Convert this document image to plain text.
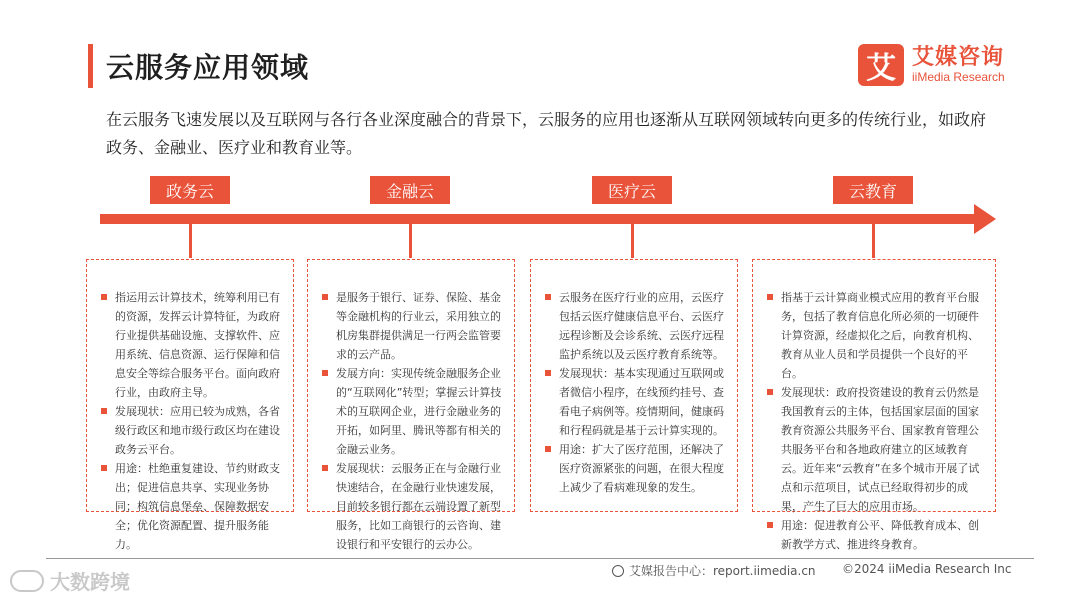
云服务应用领域	艾 艾媒咨询
iiMedia Research
在云服务飞速发展以及互联网与各行各业深度融合的背景下，云服务的应用也逐渐从互联网领域转向更多的传统行业，如政府政务、金融业、医疗业和教育业等。
政务云
指运用云计算技术，统筹利用已有的资源，发挥云计算特征，为政府行业提供基础设施、支撑软件、应用系统、信息资源、运行保障和信息安全等综合服务平台。面向政府行业，由政府主导。
发展现状：应用已较为成熟，各省级行政区和地市级行政区均在建设政务云平台。
用途：杜绝重复建设、节约财政支出；促进信息共享、实现业务协同；构筑信息堡垒、保障数据安全；优化资源配置、提升服务能力。
金融云
是服务于银行、证券、保险、基金等金融机构的行业云，采用独立的机房集群提供满足一行两会监管要求的云产品。
发展方向：实现传统金融服务企业的“互联网化”转型；掌握云计算技术的互联网企业，进行金融业务的开拓，如阿里、腾讯等都有相关的金融云业务。
发展现状：云服务正在与金融行业快速结合，在金融行业快速发展，目前较多银行都在云端设置了新型服务，比如工商银行的云咨询、建设银行和平安银行的云办公。
医疗云
云服务在医疗行业的应用，云医疗包括云医疗健康信息平台、云医疗远程诊断及会诊系统、云医疗远程监护系统以及云医疗教育系统等。
发展现状：基本实现通过互联网或者微信小程序，在线预约挂号、查看电子病例等。疫情期间，健康码和行程码就是基于云计算实现的。
用途：扩大了医疗范围，还解决了医疗资源紧张的问题，在很大程度上减少了看病难现象的发生。
云教育
指基于云计算商业模式应用的教育平台服务，包括了教育信息化所必须的一切硬件计算资源，经虚拟化之后，向教育机构、教育从业人员和学员提供一个良好的平台。
发展现状：政府投资建设的教育云仍然是我国教育云的主体，包括国家层面的国家教育资源公共服务平台、国家教育管理公共服务平台和各地政府建立的区域教育云。近年来“云教育”在多个城市开展了试点和示范项目，试点已经取得初步的成果，产生了巨大的应用市场。
用途：促进教育公平、降低教育成本、创新教学方式、推进终身教育。
艾媒报告中心：report.iimedia.cn ©2024 iiMedia Research Inc
大数跨境
